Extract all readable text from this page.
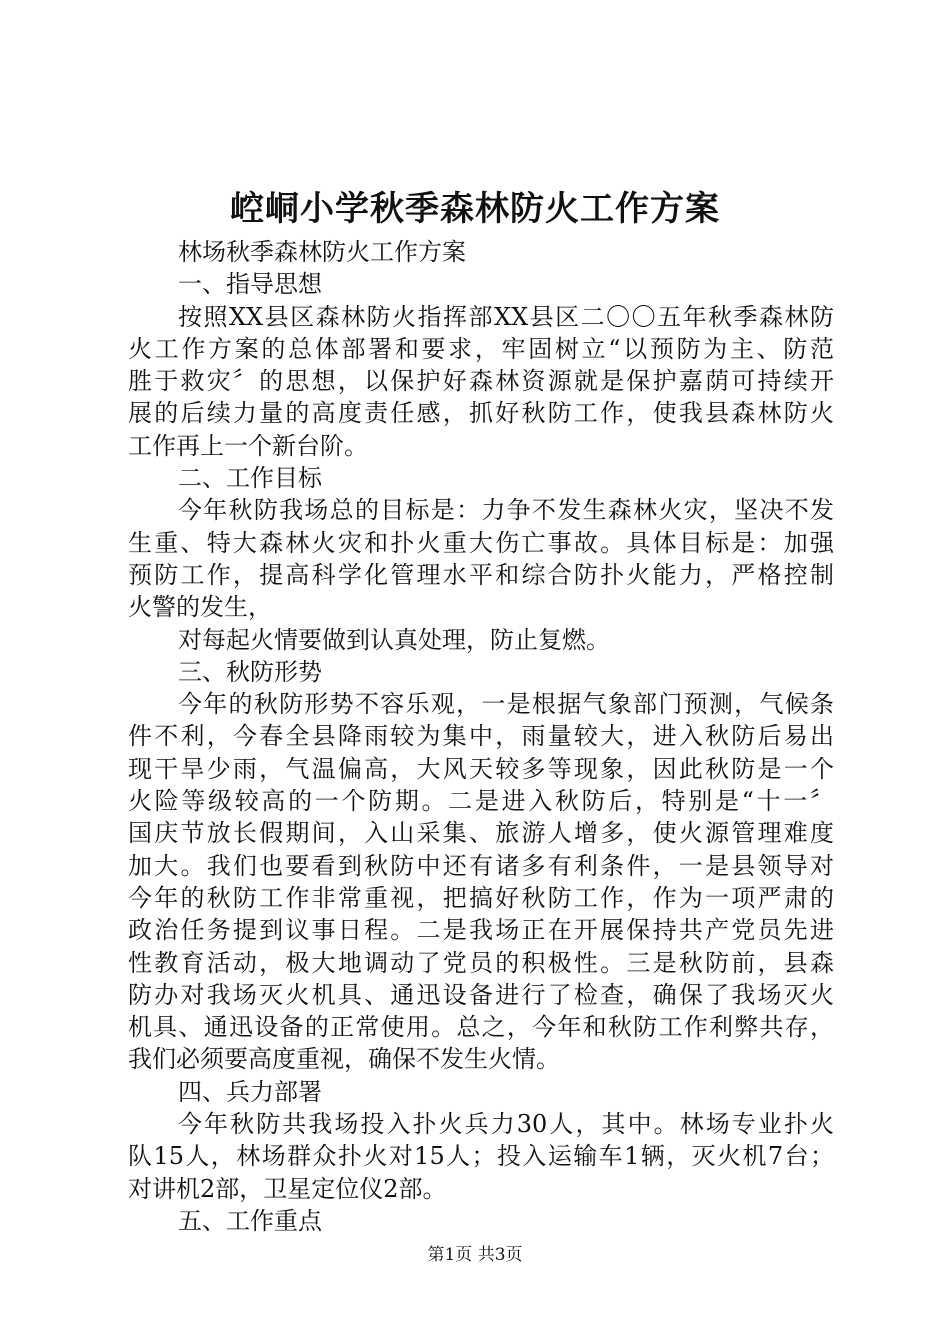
崆峒小学秋季森林防火工作方案
林场秋季森林防火工作方案
一、指导思想
按照XX县区森林防火指挥部XX县区二〇〇五年秋季森林防
火工作方案的总体部署和要求，牢固树立“以预防为主、防范
胜于救灾〞的思想，以保护好森林资源就是保护嘉荫可持续开
展的后续力量的高度责任感，抓好秋防工作，使我县森林防火
工作再上一个新台阶。
二、工作目标
今年秋防我场总的目标是：力争不发生森林火灾，坚决不发
生重、特大森林火灾和扑火重大伤亡事故。具体目标是：加强
预防工作，提高科学化管理水平和综合防扑火能力，严格控制
火警的发生，
对每起火情要做到认真处理，防止复燃。
三、秋防形势
今年的秋防形势不容乐观，一是根据气象部门预测，气候条
件不利，今春全县降雨较为集中，雨量较大，进入秋防后易出
现干旱少雨，气温偏高，大风天较多等现象，因此秋防是一个
火险等级较高的一个防期。二是进入秋防后，特别是“十一〞
国庆节放长假期间，入山采集、旅游人增多，使火源管理难度
加大。我们也要看到秋防中还有诸多有利条件，一是县领导对
今年的秋防工作非常重视，把搞好秋防工作，作为一项严肃的
政治任务提到议事日程。二是我场正在开展保持共产党员先进
性教育活动，极大地调动了党员的积极性。三是秋防前，县森
防办对我场灭火机具、通迅设备进行了检查，确保了我场灭火
机具、通迅设备的正常使用。总之，今年和秋防工作利弊共存，
我们必须要高度重视，确保不发生火情。
四、兵力部署
今年秋防共我场投入扑火兵力30人，其中。林场专业扑火
队15人，林场群众扑火对15人；投入运输车1辆，灭火机7台；
对讲机2部，卫星定位仪2部。
五、工作重点
第1页 共3页
